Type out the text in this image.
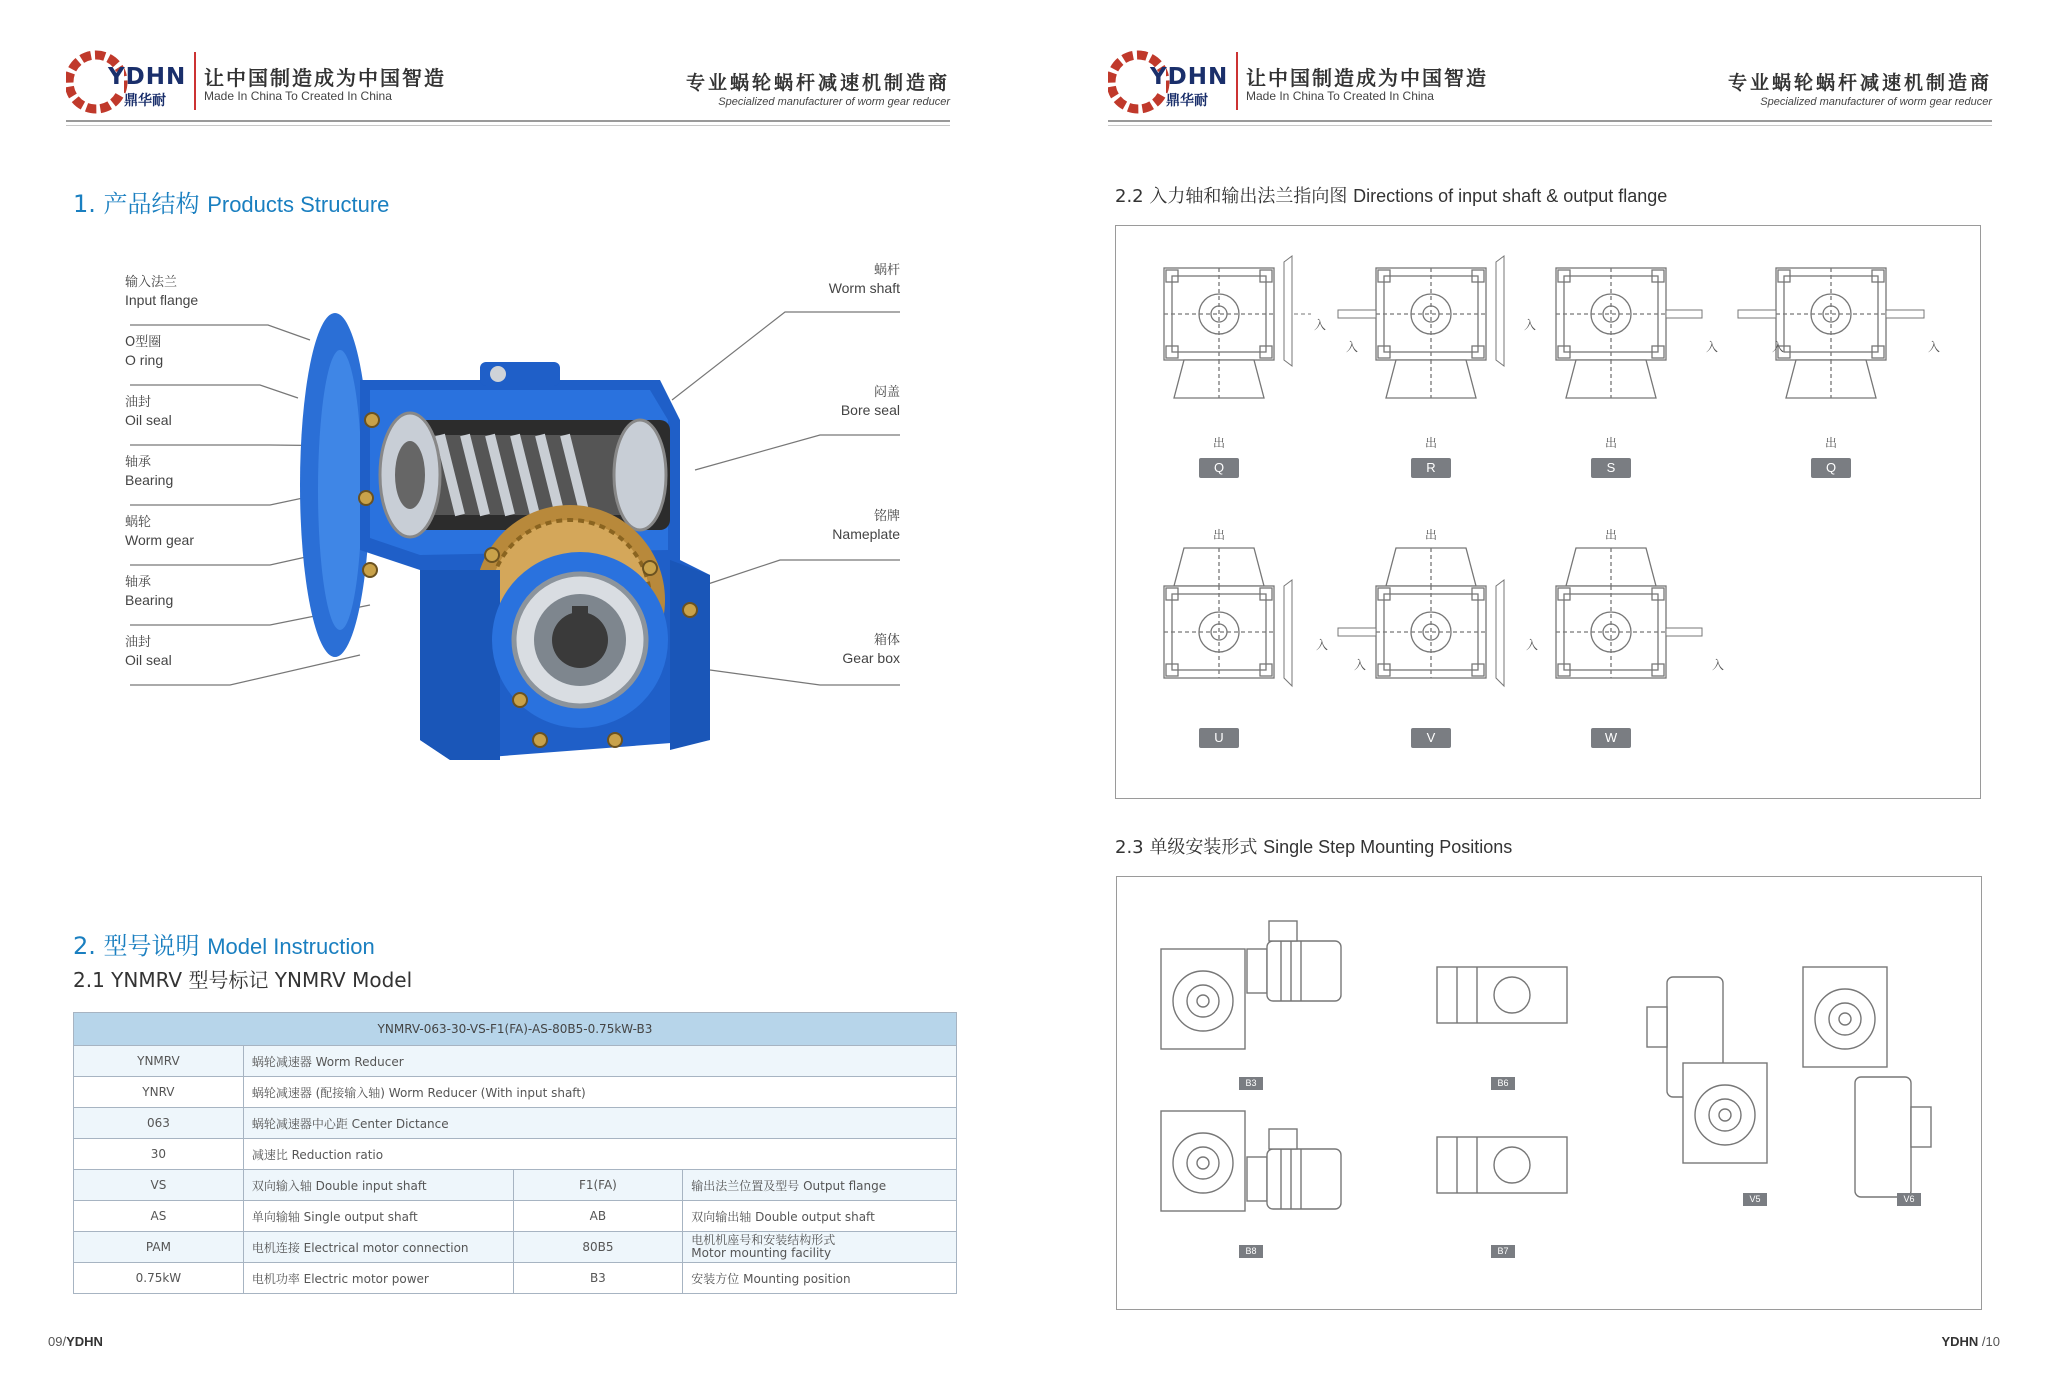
YDHN
鼎华耐
让中国制造成为中国智造
Made In China To Created In China
专业蜗轮蜗杆减速机制造商
Specialized manufacturer of worm gear reducer
1. 产品结构 Products Structure
输入法兰
Input flange
O型圈
O ring
油封
Oil seal
轴承
Bearing
蜗轮
Worm gear
轴承
Bearing
油封
Oil seal
蜗杆
Worm shaft
闷盖
Bore seal
铭牌
Nameplate
箱体
Gear box
2. 型号说明 Model Instruction
2.1 YNMRV 型号标记 YNMRV Model
YNMRV-063-30-VS-F1(FA)-AS-80B5-0.75kW-B3			
YNMRV	蜗轮减速器 Worm Reducer		
YNRV	蜗轮减速器 (配接输入轴) Worm Reducer (With input shaft)		
063	蜗轮减速器中心距 Center Dictance		
30	减速比 Reduction ratio		
VS	双向输入轴 Double input shaft	F1(FA)	输出法兰位置及型号 Output flange
AS	单向输轴 Single output shaft	AB	双向输出轴 Double output shaft
PAM	电机连接 Electrical motor connection	80B5	电机机座号和安装结构形式
Motor mounting facility

0.75kW	电机功率 Electric motor power	B3	安装方位 Mounting position
09/YDHN
YDHN
鼎华耐
让中国制造成为中国智造
Made In China To Created In China
专业蜗轮蜗杆减速机制造商
Specialized manufacturer of worm gear reducer
2.2 入力轴和输出法兰指向图 Directions of input shaft & output flange
入
入
入
入	入	入
入
入
入
入
出	出	出	出
出	出	出
Q	R	S	Q
U	V	W
2.3 单级安装形式 Single Step Mounting Positions
B3	B6
V5	V6
B8	B7
YDHN /10
